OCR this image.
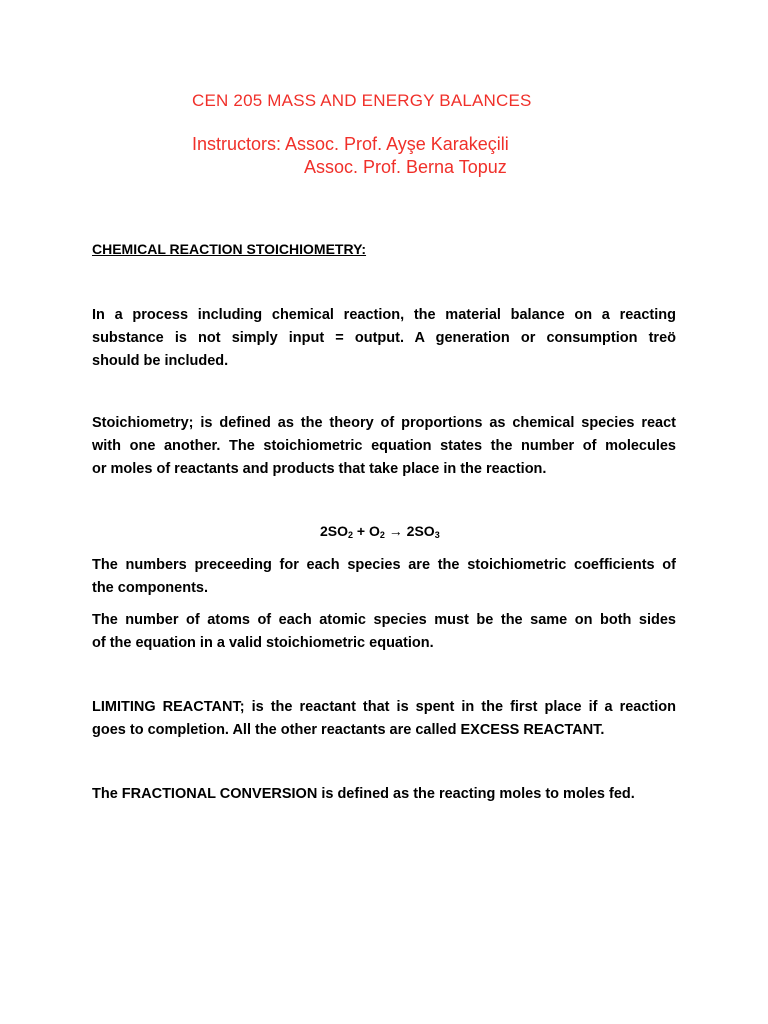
CEN 205 MASS AND ENERGY BALANCES
Instructors: Assoc. Prof. Ayşe Karakeçili
Assoc. Prof. Berna Topuz
CHEMICAL REACTION STOICHIOMETRY:
In a process including chemical reaction, the material balance on a reacting
substance is not simply input = output. A generation or consumption treö
should be included.
Stoichiometry; is defined as the theory of proportions as chemical species react
with one another. The stoichiometric equation states the number of molecules
or moles of reactants and products that take place in the reaction.
$2SO_2 + O_2 \to 2SO_3$
The numbers preceeding for each species are the stoichiometric coefficients of
the components.
The number of atoms of each atomic species must be the same on both sides
of the equation in a valid stoichiometric equation.
LIMITING REACTANT; is the reactant that is spent in the first place if a reaction
goes to completion. All the other reactants are called EXCESS REACTANT.
The FRACTIONAL CONVERSION is defined as the reacting moles to moles fed.
